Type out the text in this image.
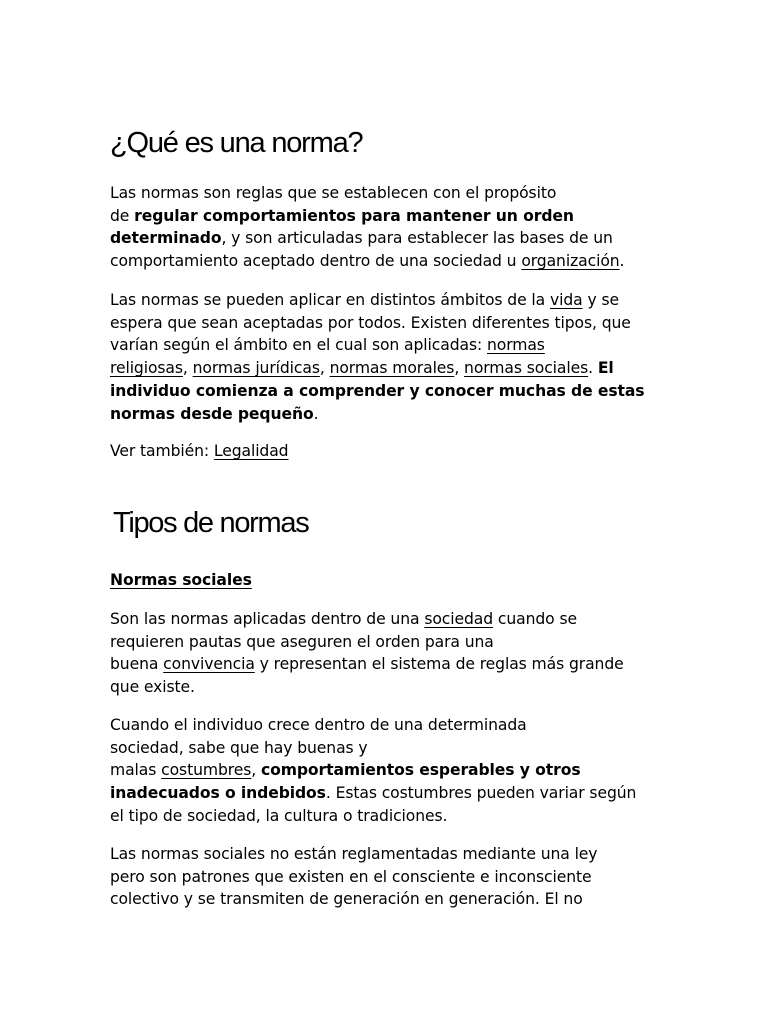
¿Qué es una norma?

Las normas son reglas que se establecen con el propósito
de regular comportamientos para mantener un orden
determinado, y son articuladas para establecer las bases de un
comportamiento aceptado dentro de una sociedad u organización.

Las normas se pueden aplicar en distintos ámbitos de la vida y se
espera que sean aceptadas por todos. Existen diferentes tipos, que
varían según el ámbito en el cual son aplicadas: normas
religiosas, normas jurídicas, normas morales, normas sociales. El
individuo comienza a comprender y conocer muchas de estas
normas desde pequeño.

Ver también: Legalidad

Tipos de normas

Normas sociales

Son las normas aplicadas dentro de una sociedad cuando se
requieren pautas que aseguren el orden para una
buena convivencia y representan el sistema de reglas más grande
que existe.

Cuando el individuo crece dentro de una determinada
sociedad, sabe que hay buenas y
malas costumbres, comportamientos esperables y otros
inadecuados o indebidos. Estas costumbres pueden variar según
el tipo de sociedad, la cultura o tradiciones.

Las normas sociales no están reglamentadas mediante una ley
pero son patrones que existen en el consciente e inconsciente
colectivo y se transmiten de generación en generación. El no
